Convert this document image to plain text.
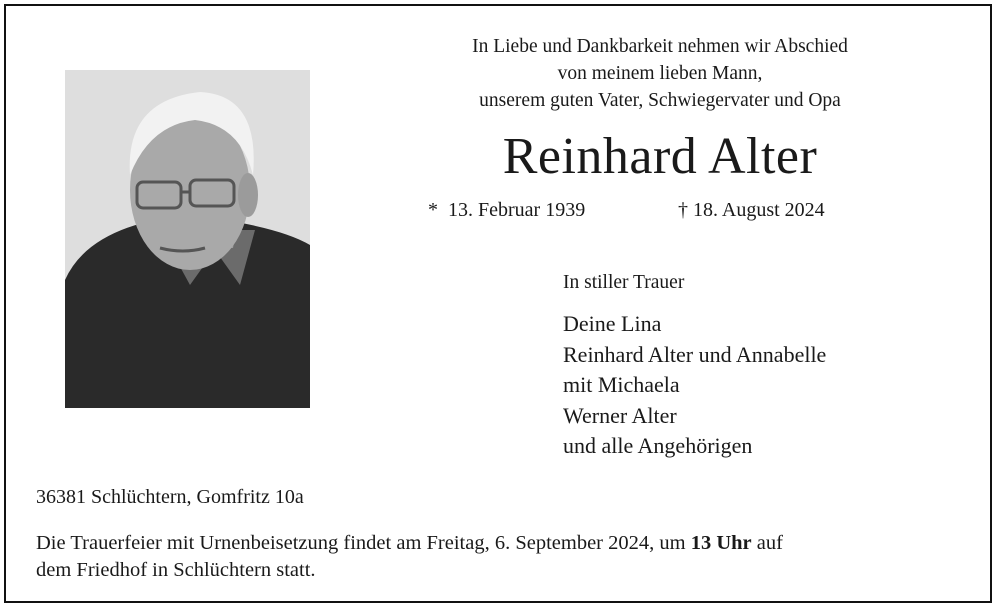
In Liebe und Dankbarkeit nehmen wir Abschied
von meinem lieben Mann,
unserem guten Vater, Schwiegervater und Opa
Reinhard Alter
* 13. Februar 1939	† 18. August 2024
In stiller Trauer
Deine Lina
Reinhard Alter und Annabelle
mit Michaela
Werner Alter
und alle Angehörigen
36381 Schlüchtern, Gomfritz 10a
Die Trauerfeier mit Urnenbeisetzung findet am Freitag, 6. September 2024, um 13 Uhr auf
dem Friedhof in Schlüchtern statt.
